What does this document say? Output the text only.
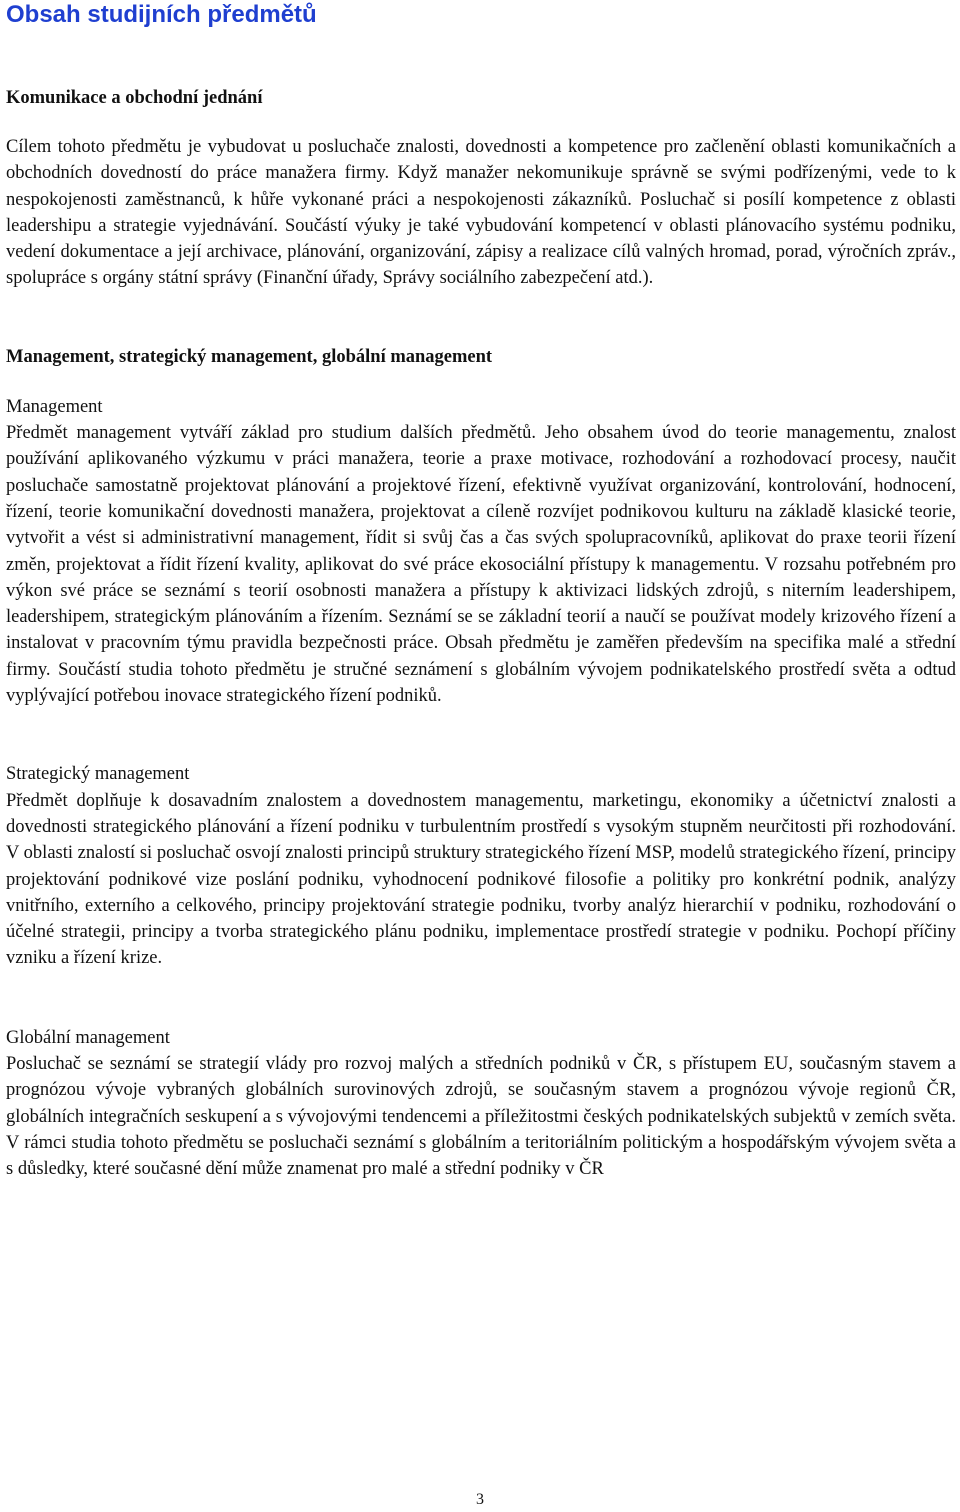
Obsah studijních předmětů
Komunikace a obchodní jednání

Cílem tohoto předmětu je vybudovat u posluchače znalosti, dovednosti a kompetence pro začlenění oblasti komunikačních a obchodních dovedností do práce manažera firmy. Když manažer nekomunikuje správně se svými podřízenými, vede to k nespokojenosti zaměstnanců, k hůře vykonané práci a nespokojenosti zákazníků. Posluchač si posílí kompetence z oblasti leadershipu a strategie vyjednávání. Součástí výuky je také vybudování kompetencí v oblasti plánovacího systému podniku, vedení dokumentace a její archivace, plánování, organizování, zápisy a realizace cílů valných hromad, porad, výročních zpráv., spolupráce s orgány státní správy (Finanční úřady, Správy sociálního zabezpečení atd.).

Management, strategický management, globální management
Management

Předmět management vytváří základ pro studium dalších předmětů. Jeho obsahem úvod do teorie managementu, znalost používání aplikovaného výzkumu v práci manažera, teorie a praxe motivace, rozhodování a rozhodovací procesy, naučit posluchače samostatně projektovat plánování a projektové řízení, efektivně využívat organizování, kontrolování, hodnocení, řízení, teorie komunikační dovednosti manažera, projektovat a cíleně rozvíjet podnikovou kulturu na základě klasické teorie, vytvořit a vést si administrativní management, řídit si svůj čas a čas svých spolupracovníků, aplikovat do praxe teorii řízení změn, projektovat a řídit řízení kvality, aplikovat do své práce ekosociální přístupy k managementu. V rozsahu potřebném pro výkon své práce se seznámí s teorií osobnosti manažera a přístupy k aktivizaci lidských zdrojů, s niterním leadershipem, leadershipem, strategickým plánováním a řízením. Seznámí se se základní teorií a naučí se používat modely krizového řízení a instalovat v pracovním týmu pravidla bezpečnosti práce. Obsah předmětu je zaměřen především na specifika malé a střední firmy. Součástí studia tohoto předmětu je stručné seznámení s globálním vývojem podnikatelského prostředí světa a odtud vyplývající potřebou inovace strategického řízení podniků.

Strategický management

Předmět doplňuje k dosavadním znalostem a dovednostem managementu, marketingu, ekonomiky a účetnictví znalosti a dovednosti strategického plánování a řízení podniku v turbulentním prostředí s vysokým stupněm neurčitosti při rozhodování. V oblasti znalostí si posluchač osvojí znalosti principů struktury strategického řízení MSP, modelů strategického řízení, principy projektování podnikové vize poslání podniku, vyhodnocení podnikové filosofie a politiky pro konkrétní podnik, analýzy vnitřního, externího a celkového, principy projektování strategie podniku, tvorby analýz hierarchií v podniku, rozhodování o účelné strategii, principy a tvorba strategického plánu podniku, implementace prostředí strategie v podniku. Pochopí příčiny vzniku a řízení krize.

Globální management

Posluchač se seznámí se strategií vlády pro rozvoj malých a středních podniků v ČR, s přístupem EU, současným stavem a prognózou vývoje vybraných globálních surovinových zdrojů, se současným stavem a prognózou vývoje regionů ČR, globálních integračních seskupení a s vývojovými tendencemi a příležitostmi českých podnikatelských subjektů v zemích světa. V rámci studia tohoto předmětu se posluchači seznámí s globálním a teritoriálním politickým a hospodářským vývojem světa a s důsledky, které současné dění může znamenat pro malé a střední podniky v ČR

3
